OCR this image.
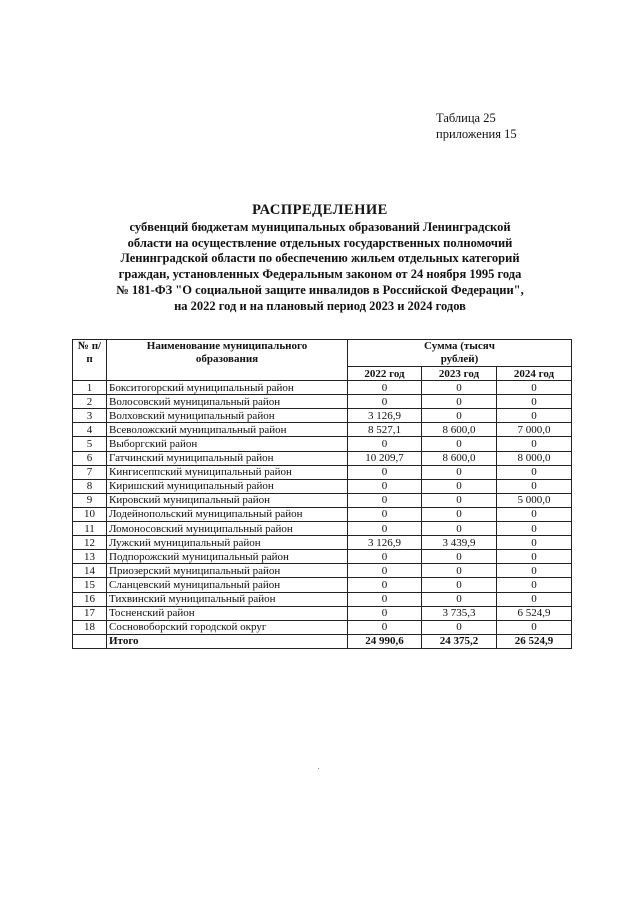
Таблица 25
приложения 15
РАСПРЕДЕЛЕНИЕ
субвенций бюджетам муниципальных образований Ленинградской
области на осуществление отдельных государственных полномочий
Ленинградской области по обеспечению жильем отдельных категорий
граждан, установленных Федеральным законом от 24 ноября 1995 года
№ 181-ФЗ "О социальной защите инвалидов в Российской Федерации",
на 2022 год и на плановый период 2023 и 2024 годов
№ п/п	Наименование муниципального образования	Сумма (тысяч рублей)		

		2022 год	2023 год	2024 год
1	Бокситогорский муниципальный район	0	0	0
2	Волосовский муниципальный район	0	0	0
3	Волховский муниципальный район	3 126,9	0	0
4	Всеволожский муниципальный район	8 527,1	8 600,0	7 000,0
5	Выборгский район	0	0	0
6	Гатчинский муниципальный район	10 209,7	8 600,0	8 000,0
7	Кингисеппский муниципальный район	0	0	0
8	Киришский муниципальный район	0	0	0
9	Кировский муниципальный район	0	0	5 000,0
10	Лодейнопольский муниципальный район	0	0	0
11	Ломоносовский муниципальный район	0	0	0
12	Лужский муниципальный район	3 126,9	3 439,9	0
13	Подпорожский муниципальный район	0	0	0
14	Приозерский муниципальный район	0	0	0
15	Сланцевский муниципальный район	0	0	0
16	Тихвинский муниципальный район	0	0	0
17	Тосненский район	0	3 735,3	6 524,9
18	Сосновоборский городской округ	0	0	0
	Итого	24 990,6	24 375,2	26 524,9
